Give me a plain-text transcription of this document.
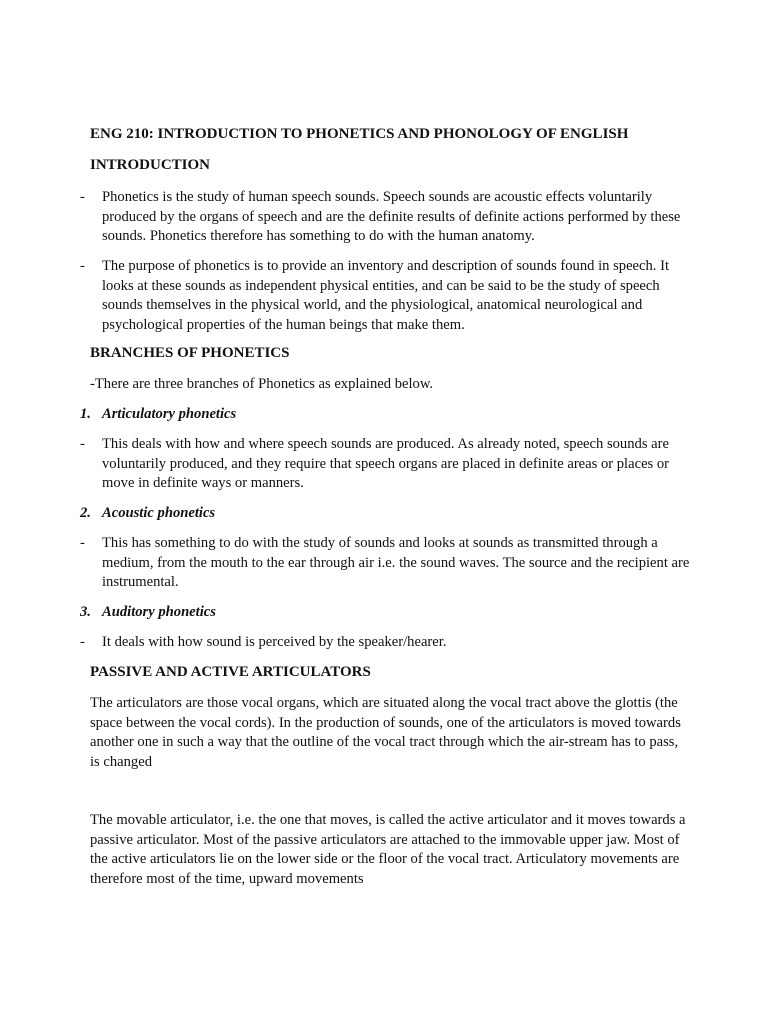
ENG 210: INTRODUCTION TO PHONETICS AND PHONOLOGY OF ENGLISH
INTRODUCTION
-	Phonetics is the study of human speech sounds. Speech sounds are acoustic effects voluntarily produced by the organs of speech and are the definite results of definite actions performed by these sounds. Phonetics therefore has something to do with the human anatomy.

-	The purpose of phonetics is to provide an inventory and description of sounds found in speech. It looks at these sounds as independent physical entities, and can be said to be the study of speech sounds themselves in the physical world, and the physiological, anatomical neurological and psychological properties of the human beings that make them.

BRANCHES OF PHONETICS
-There are three branches of Phonetics as explained below.
1. Articulatory phonetics
-	This deals with how and where speech sounds are produced. As already noted, speech sounds are voluntarily produced, and they require that speech organs are placed in definite areas or places or move in definite ways or manners.

2. Acoustic phonetics
-	This has something to do with the study of sounds and looks at sounds as transmitted through a medium, from the mouth to the ear through air i.e. the sound waves. The source and the recipient are instrumental.

3. Auditory phonetics
-	It deals with how sound is perceived by the speaker/hearer.

PASSIVE AND ACTIVE ARTICULATORS

The articulators are those vocal organs, which are situated along the vocal tract above the glottis (the space between the vocal cords). In the production of sounds, one of the articulators is moved towards another one in such a way that the outline of the vocal tract through which the air-stream has to pass, is changed

The movable articulator, i.e. the one that moves, is called the active articulator and it moves towards a passive articulator. Most of the passive articulators are attached to the immovable upper jaw. Most of the active articulators lie on the lower side or the floor of the vocal tract. Articulatory movements are therefore most of the time, upward movements
